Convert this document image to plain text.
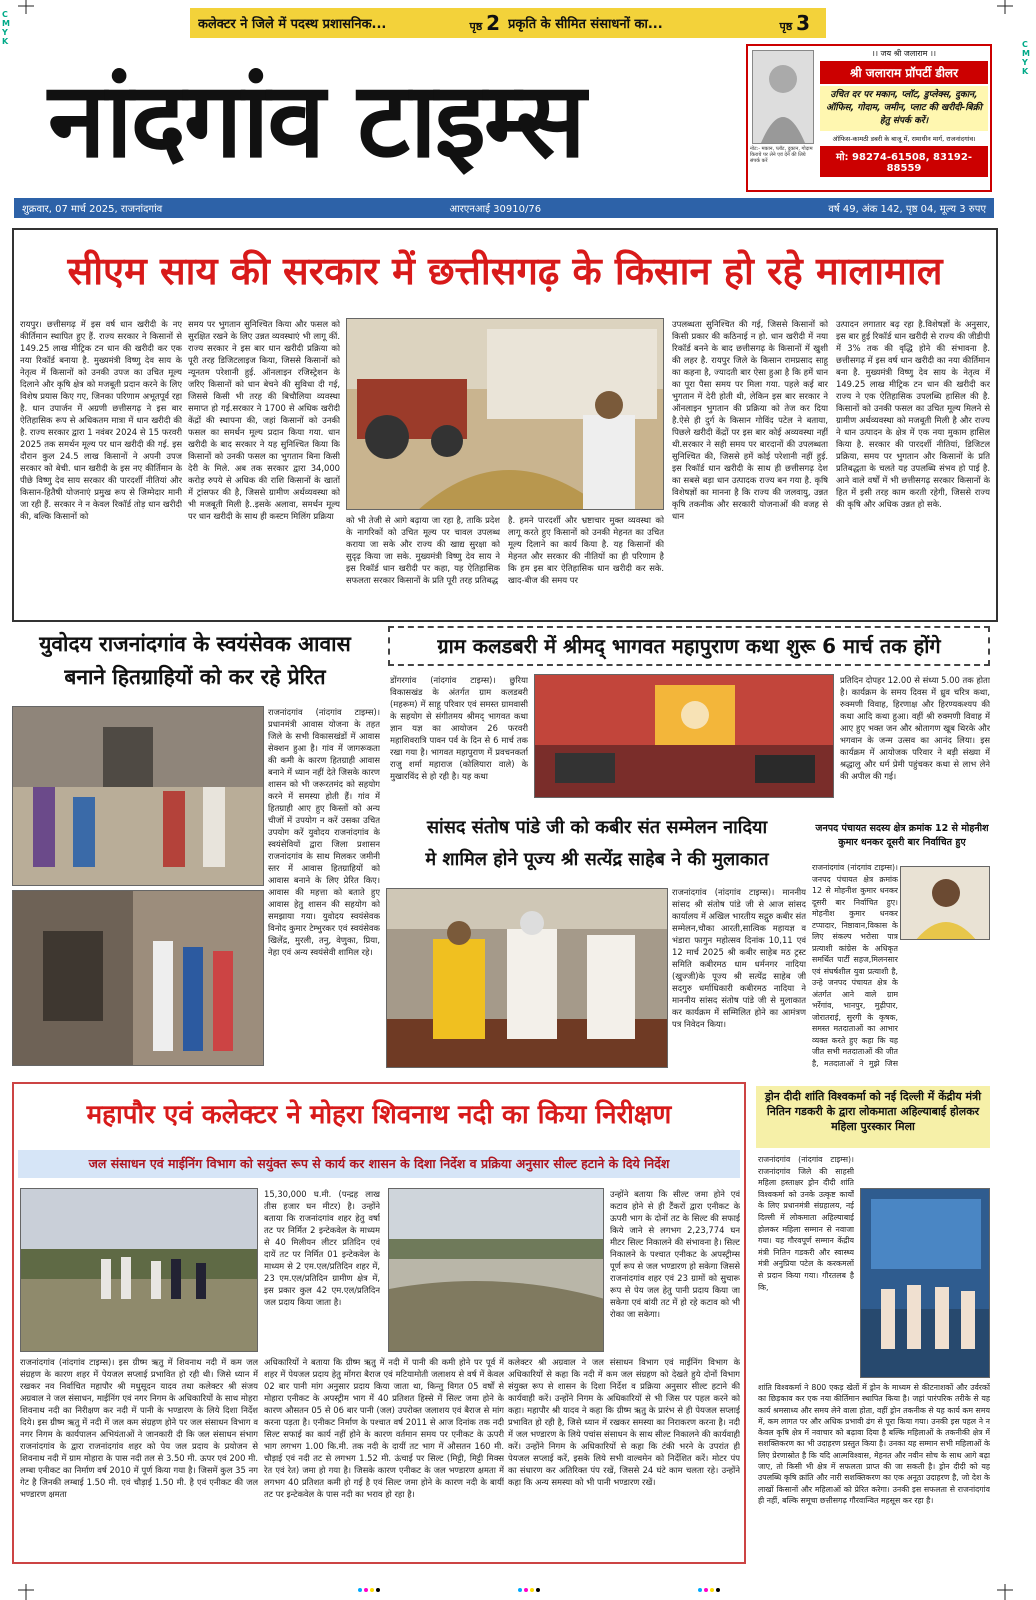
C M Y K	C M Y K
कलेक्टर ने जिले में पदस्थ प्रशासनिक...	पृष्ठ 2 प्रकृति के सीमित संसाधनों का...	पृष्ठ 3
नांदगांव टाइम्स	नोट:- मकान, प्लॉट, दुकान, गोदाम किराये पर लेने एवं देने की लिये संपर्क करें
।। जय श्री जलाराम ।।
श्री जलाराम प्रॉपर्टी डीलर
उचित दर पर मकान, प्लॉट, डुप्लेक्स, दुकान, ऑफिस, गोदाम, जमीन, प्लाट की खरीदी-बिक्री हेतु संपर्क करें।
ऑफिस-कामठी डबरी के बाजू में, रामाधीन मार्ग, राजनांदगांव।
मो: 98274-61508, 83192-88559
शुक्रवार, 07 मार्च 2025, राजनांदगांव	आरएनआई 30910/76	वर्ष 49, अंक 142, पृष्ठ 04, मूल्य 3 रुपए
सीएम साय की सरकार में छत्तीसगढ़ के किसान हो रहे मालामाल
रायपुर। छत्तीसगढ़ में इस वर्ष धान खरीदी के नए कीर्तिमान स्थापित हुए हैं. राज्य सरकार ने किसानों से 149.25 लाख मीट्रिक टन धान की खरीदी कर एक नया रिकॉर्ड बनाया है. मुख्यमंत्री विष्णु देव साय के नेतृत्व में किसानों को उनकी उपज का उचित मूल्य दिलाने और कृषि क्षेत्र को मजबूती प्रदान करने के लिए विशेष प्रयास किए गए, जिनका परिणाम अभूतपूर्व रहा है. धान उपार्जन में अग्रणी छत्तीसगढ़ ने इस बार ऐतिहासिक रूप से अधिकतम मात्रा में धान खरीदी की है. राज्य सरकार द्वारा 1 नवंबर 2024 से 15 फरवरी 2025 तक समर्थन मूल्य पर धान खरीदी की गई. इस दौरान कुल 24.5 लाख किसानों ने अपनी उपज सरकार को बेची. धान खरीदी के इस नए कीर्तिमान के पीछे विष्णु देव साय सरकार की पारदर्शी नीतियां और किसान-हितैषी योजनाएं प्रमुख रूप से जिम्मेदार मानी जा रही हैं. सरकार ने न केवल रिकॉर्ड तोड़ धान खरीदी की, बल्कि किसानों को
समय पर भुगतान सुनिश्चित किया और फसल को सुरक्षित रखने के लिए उन्नत व्यवस्थाएं भी लागू कीं. राज्य सरकार ने इस बार धान खरीदी प्रक्रिया को पूरी तरह डिजिटलाइज किया, जिससे किसानों को न्यूनतम परेशानी हुई. ऑनलाइन रजिस्ट्रेशन के जरिए किसानों को धान बेचने की सुविधा दी गई, जिससे किसी भी तरह की बिचौलिया व्यवस्था समाप्त हो गई.सरकार ने 1700 से अधिक खरीदी केंद्रों की स्थापना की, जहां किसानों को उनकी फसल का समर्थन मूल्य प्रदान किया गया. धान खरीदी के बाद सरकार ने यह सुनिश्चित किया कि किसानों को उनकी फसल का भुगतान बिना किसी देरी के मिले. अब तक सरकार द्वारा 34,000 करोड़ रुपये से अधिक की राशि किसानों के खातों में ट्रांसफर की है, जिससे ग्रामीण अर्थव्यवस्था को भी मजबूती मिली है..इसके अलावा, समर्थन मूल्य पर धान खरीदी के साथ ही कस्टम मिलिंग प्रक्रिया	को भी तेजी से आगे बढ़ाया जा रहा है, ताकि प्रदेश के नागरिकों को उचित मूल्य पर चावल उपलब्ध कराया जा सके और राज्य की खाद्य सुरक्षा को सुदृढ़ किया जा सके. मुख्यमंत्री विष्णु देव साय ने इस रिकॉर्ड धान खरीदी पर कहा, यह ऐतिहासिक सफलता सरकार किसानों के प्रति पूरी तरह प्रतिबद्ध
है. हमने पारदर्शी और भ्रष्टाचार मुक्त व्यवस्था को लागू करते हुए किसानों को उनकी मेहनत का उचित मूल्य दिलाने का कार्य किया है. यह किसानों की मेहनत और सरकार की नीतियों का ही परिणाम है कि हम इस बार ऐतिहासिक धान खरीदी कर सके. खाद-बीज की समय पर
उपलब्धता सुनिश्चित की गई, जिससे किसानों को किसी प्रकार की कठिनाई न हो. धान खरीदी में नया रिकॉर्ड बनने के बाद छत्तीसगढ़ के किसानों में खुशी की लहर है. रायपुर जिले के किसान रामप्रसाद साहू का कहना है, ज्यादती बार ऐसा हुआ है कि हमें धान का पूरा पैसा समय पर मिला गया. पहले कई बार भुगतान में देरी होती थी, लेकिन इस बार सरकार ने ऑनलाइन भुगतान की प्रक्रिया को तेज कर दिया है.ऐसे ही दुर्ग के किसान गोविंद पटेल ने बताया, पिछले खरीदी केंद्रों पर इस बार कोई अव्यवस्था नहीं थी.सरकार ने सही समय पर बारदानों की उपलब्धता सुनिश्चित की, जिससे हमें कोई परेशानी नहीं हुई. इस रिकॉर्ड धान खरीदी के साथ ही छत्तीसगढ़ देश का सबसे बड़ा धान उत्पादक राज्य बन गया है. कृषि विशेषज्ञों का मानना है कि राज्य की जलवायु, उन्नत कृषि तकनीक और सरकारी योजनाओं की वजह से धान
उत्पादन लगातार बढ़ रहा है.विशेषज्ञों के अनुसार, इस बार हुई रिकॉर्ड धान खरीदी से राज्य की जीडीपी में 3% तक की वृद्धि होने की संभावना है. छत्तीसगढ़ में इस वर्ष धान खरीदी का नया कीर्तिमान बना है. मुख्यमंत्री विष्णु देव साय के नेतृत्व में 149.25 लाख मीट्रिक टन धान की खरीदी कर राज्य ने एक ऐतिहासिक उपलब्धि हासिल की है. किसानों को उनकी फसल का उचित मूल्य मिलने से ग्रामीण अर्थव्यवस्था को मजबूती मिली है और राज्य ने धान उत्पादन के क्षेत्र में एक नया मुकाम हासिल किया है. सरकार की पारदर्शी नीतियां, डिजिटल प्रक्रिया, समय पर भुगतान और किसानों के प्रति प्रतिबद्धता के चलते यह उपलब्धि संभव हो पाई है. आने वाले वर्षों में भी छत्तीसगढ़ सरकार किसानों के हित में इसी तरह काम करती रहेगी, जिससे राज्य की कृषि और अधिक उन्नत हो सके.
युवोदय राजनांदगांव के स्वयंसेवक आवास
बनाने हितग्राहियों को कर रहे प्रेरित
राजनांदगांव (नांदगांव टाइम्स)। प्रधानमंत्री आवास योजना के तहत जिले के सभी विकासखंडों में आवास सेक्शन हुआ है। गांव में जागरूकता की कमी के कारण हितग्राही आवास बनाने में ध्यान नहीं देते जिसके कारण शासन को भी जरूरतमंद को सहयोग करने में समस्या होती हैं। गांव में हितग्राही आए हुए किस्तों को अन्य चीजों में उपयोग न करें उसका उचित उपयोग करें युवोदय राजनांदगांव के स्वयंसेवियों द्वारा जिला प्रशासन राजनांदगांव के साथ मिलकर जमीनी स्तर में आवास हितग्राहियों को आवास बनाने के लिए प्रेरित किए। आवास की महत्ता को बताते हुए आवास हेतु शासन की सहयोग को समझाया गया। युवोदय स्वयंसेवक विनोद कुमार टेम्भुरकर एवं स्वयंसेवक खिलेंद्र, मुरली, तनु, वेणुका, प्रिया, नेहा एवं अन्य स्वयंसेवी शामिल रहे।
ग्राम कलडबरी में श्रीमद् भागवत महापुराण कथा शुरू 6 मार्च तक होंगे
डोंगरगांव (नांदगांव टाइम्स)। छुरिया विकासखंड के अंतर्गत ग्राम कलडबरी (महरूम) में साहू परिवार एवं समस्त ग्रामवासी के सहयोग से संगीतमय श्रीमद् भागवत कथा ज्ञान यज्ञ का आयोजन 26 फरवरी महाशिवरात्रि पावन पर्व के दिन से 6 मार्च तक रखा गया है। भागवत महापुराण में प्रवचनकर्ता राजु शर्मा महाराज (कोलियारा वाले) के मुखारविंद से हो रही है। यह कथा
प्रतिदिन दोपहर 12.00 से संध्या 5.00 तक होता है। कार्यक्रम के समय दिवस में ध्रुव चरित्र कथा, रुक्मणी विवाह, हिरणाक्ष और हिरण्यकश्यप की कथा आदि कथा हुआ। वहीं श्री रुक्मणी विवाह में आए हुए भक्त जन और श्रोतागण खूब थिरके और भगवान के जन्म उत्सव का आनंद लिया। इस कार्यक्रम में आयोजक परिवार ने बड़ी संख्या में श्रद्धालु और धर्म प्रेमी पहुंचकर कथा से लाभ लेने की अपील की गई।
सांसद संतोष पांडे जी को कबीर संत सम्मेलन नादिया
मे शामिल होने पूज्य श्री सत्येंद्र साहेब ने की मुलाकात
राजनांदगांव (नांदगांव टाइम्स)। माननीय सांसद श्री संतोष पांडे जी से आज सांसद कार्यालय में अखिल भारतीय सद्गुरु कबीर संत सम्मेलन,चौका आरती,सात्विक महायज्ञ व भंडारा फागुन महोत्सव दिनांक 10,11 एवं 12 मार्च 2025 श्री कबीर साहेब मठ ट्रस्ट समिति कबीरमठ धाम धर्मनगर नादिया (खुज्जी)के पूज्य श्री सत्येंद्र साहेब जी सदगुरु धर्माधिकारी कबीरमठ नादिया ने माननीय सांसद संतोष पांडे जी से मुलाकात कर कार्यक्रम में सम्मिलित होने का आमंत्रण पत्र निवेदन किया।
जनपद पंचायत सदस्य क्षेत्र क्रमांक 12 से मोहनीश कुमार धनकर दूसरी बार निर्वाचित हुए
राजनांदगांव (नांदगांव टाइम्स)। जनपद पंचायत क्षेत्र क्रमांक 12 से मोहनीश कुमार धनकर दूसरी बार निर्वाचित हुए। मोहनीश कुमार धनकर टप्पादार, निष्ठावान,विकास के लिए संकल्प भरोसा पात्र प्रत्याशी कांग्रेस के अधिकृत समर्थित पार्टी सहज,मिलनसार एवं संघर्षशील युवा प्रत्याशी है, उन्हे जनपद पंचायत क्षेत्र के अंतर्गत आने वाले ग्राम भर्रेगांव, भानपुर, मुढ़ीपार, जोरातराई, सुरगी के कृषक, समस्त मतदाताओं का आभार व्यक्त करते हुए कहा कि यह जीत सभी मतदाताओं की जीत है, मतदाताओं ने मुझे जिस
महापौर एवं कलेक्टर ने मोहरा शिवनाथ नदी का किया निरीक्षण
जल संसाधन एवं माईनिंग विभाग को सयुंक्त रूप से कार्य कर शासन के दिशा निर्देश व प्रक्रिया अनुसार सील्ट हटाने के दिये निर्देश
राजनांदगांव (नांदगांव टाइम्स)। इस ग्रीष्म ऋतु में शिवनाथ नदी में कम जल संग्रहण के कारण शहर में पेयजल सप्लाई प्रभावित हो रही थी। जिसे ध्यान में रखकर नव निर्वाचित महापौर श्री मधुसूदन यादव तथा कलेक्टर श्री संजय अग्रवाल ने जल संसाधन, माईनिंग एवं नगर निगम के अधिकारियों के साथ मोहरा शिवनाथ नदी का निरीक्षण कर नदी में पानी के भण्डारण के लिये दिशा निर्देश दिये। इस ग्रीष्म ऋतु में नदी में जल कम संग्रहण होने पर जल संसाधन विभाग व नगर निगम के कार्यपालन अभियंताओं ने जानकारी दी कि जल संसाधन संभाग राजनांदगांव के द्वारा राजनांदगांव शहर को पेय जल प्रदाय के प्रयोजन से शिवनाथ नदी में ग्राम मोहारा के पास नदी तल से 3.50 मी. ऊपर एवं 200 मी. लम्बा एनीकट का निर्माण वर्ष 2010 में पूर्ण किया गया है। जिसमें कुल 35 नग गेट है जिनकी लम्बाई 1.50 मी. एवं चौड़ाई 1.50 मी. है एवं एनीकट की जल भण्डारण क्षमता
15,30,000 घ.मी. (पन्द्रह लाख तीस हजार घन मीटर) है। उन्होंने बताया कि राजनांदगांव शहर हेतु वर्षा तट पर निर्मित 2 इन्टेकवेल के माध्यम से 40 मिलीयन लीटर प्रतिदिन एवं दायें तट पर निर्मित 01 इन्टेकवेल के माध्यम से 2 एम.एल/प्रतिदिन शहर में, 23 एम.एल/प्रतिदिन ग्रामीण क्षेत्र में, इस प्रकार कुल 42 एम.एल/प्रतिदिन जल प्रदाय किया जाता है।
अधिकारियों ने बताया कि ग्रीष्म ऋतु में नदी में पानी की कमी होने पर पूर्व में शहर में पेयजल प्रदाय हेतु मोंगरा बैराज एवं मटियामोती जलाशय से वर्ष में केवल 02 बार पानी मांग अनुसार प्रदाय किया जाता था, किन्तु विगत 05 वर्षों से मोहारा एनीकट के अपस्ट्रीम भाग में 40 प्रतिशत हिस्से में सिल्ट जमा होने के कारण औसतन 05 से 06 बार पानी (जल) उपरोक्त जलाशय एवं बैराज से मांग करना पड़ता है। एनीकट निर्माण के पश्चात वर्ष 2011 से आज दिनांक तक नदी सिल्ट सफाई का कार्य नहीं होने के कारण वर्तमान समय पर एनीकट के ऊपरी भाग लगभग 1.00 कि.मी. तक नदी के दायीं तट भाग में औसतन 160 मी. चौड़ाई एवं नदी तट से लगभग 1.52 मी. ऊंचाई पर सिल्ट (मिट्टी, मिट्टी मिक्स रेत एवं रेत) जमा हो गया है। जिसके कारण एनीकट के जल भण्डारण क्षमता में लगभग 40 प्रतिशत कमी हो गई है एवं सिल्ट जमा होने के कारण नदी के बायीं तट पर इन्टेकवेल के पास नदी का भराव हो रहा है।
उन्होंने बताया कि सील्ट जमा होने एवं कटाव होने से ही टैंकरों द्वारा एनीकट के ऊपरी भाग के दोनों तट के सिल्ट की सफाई किये जाने से लगभग 2,23,774 घन मीटर सिल्ट निकालने की संभावना है। सिल्ट निकालने के पश्चात एनीकट के अपस्ट्रीम्स पूर्ण रूप से जल भण्डारण हो सकेगा जिससे राजनांदगांव शहर एवं 23 ग्रामों को सुचारू रूप से पेय जल हेतु पानी प्रदाय किया जा सकेगा एवं बांयी तट में हो रहे कटाव को भी रोका जा सकेगा।
कलेक्टर श्री अग्रवाल ने जल संसाधन विभाग एवं माईनिंग विभाग के अधिकारियों से कहा कि नदी में कम जल संग्रहण को देखते हुये दोनों विभाग संयुक्त रूप से शासन के दिशा निर्देश व प्रक्रिया अनुसार सील्ट हटाने की कार्यवाही करें। उन्होंने निगम के अधिकारियों से भी जिस पर पहल करने को कहा। महापौर श्री यादव ने कहा कि ग्रीष्म ऋतु के प्रारंभ से ही पेयजल सप्लाई प्रभावित हो रही है, जिसे ध्यान में रखकर समस्या का निराकरण करना है। नदी में जल भण्डारण के लिये पचांस संसाधन के साथ सील्ट निकालने की कार्यवाही करें। उन्होंने निगम के अधिकारियों से कहा कि टंकी भरने के उपरांत ही पेयजल सप्लाई करें, इसके लिये सभी वाल्वमेन को निर्देशित करें। मोटर पंप का संधारण कर अतिरिक्त पंप रखें, जिससे 24 घंटे काम चलता रहे। उन्होंने कहा कि अन्य समस्या को भी पानी भण्डारण रखें।
ड्रोन दीदी शांति विश्वकर्मा को नई दिल्ली में केंद्रीय मंत्री नितिन गडकरी के द्वारा लोकमाता अहिल्याबाई होलकर महिला पुरस्कार मिला
राजनांदगांव (नांदगांव टाइम्स)। राजनांदगांव जिले की साहसी महिला हस्ताक्षर ड्रोन दीदी शांति विश्वकर्मा को उनके उत्कृष्ट कार्यों के लिए प्रधानमंत्री संग्रहालय, नई दिल्ली में लोकमाता अहिल्याबाई होलकर महिला सम्मान से नवाजा गया। यह गौरवपूर्ण सम्मान केंद्रीय मंत्री नितिन गडकरी और स्वास्थ्य मंत्री अनुप्रिया पटेल के करकमलों से प्रदान किया गया। गौरतलब है कि,
शांति विश्वकर्मा ने 800 एकड़ खेतों में ड्रोन के माध्यम से कीटनाशकों और उर्वरकों का छिड़काव कर एक नया कीर्तिमान स्थापित किया है। जहां पारंपरिक तरीके से यह कार्य श्रमसाध्य और समय लेने वाला होता, वहीं ड्रोन तकनीक से यह कार्य कम समय में, कम लागत पर और अधिक प्रभावी ढंग से पूरा किया गया। उनकी इस पहल ने न केवल कृषि क्षेत्र में नवाचार को बढ़ावा दिया है बल्कि महिलाओं के तकनीकी क्षेत्र में सशक्तिकरण का भी उदाहरण प्रस्तुत किया है। उनका यह सम्मान सभी महिलाओं के लिए प्रेरणास्रोत है कि यदि आत्मविश्वास, मेहनत और नवीन सोच के साथ आगे बढ़ा जाए, तो किसी भी क्षेत्र में सफलता प्राप्त की जा सकती है। ड्रोन दीदी को यह उपलब्धि कृषि क्रांति और नारी सशक्तिकरण का एक अनूठा उदाहरण है, जो देश के लाखों किसानों और महिलाओं को प्रेरित करेगा। उनकी इस सफलता से राजनांदगांव ही नहीं, बल्कि समूचा छत्तीसगढ़ गौरवान्वित महसूस कर रहा है।
